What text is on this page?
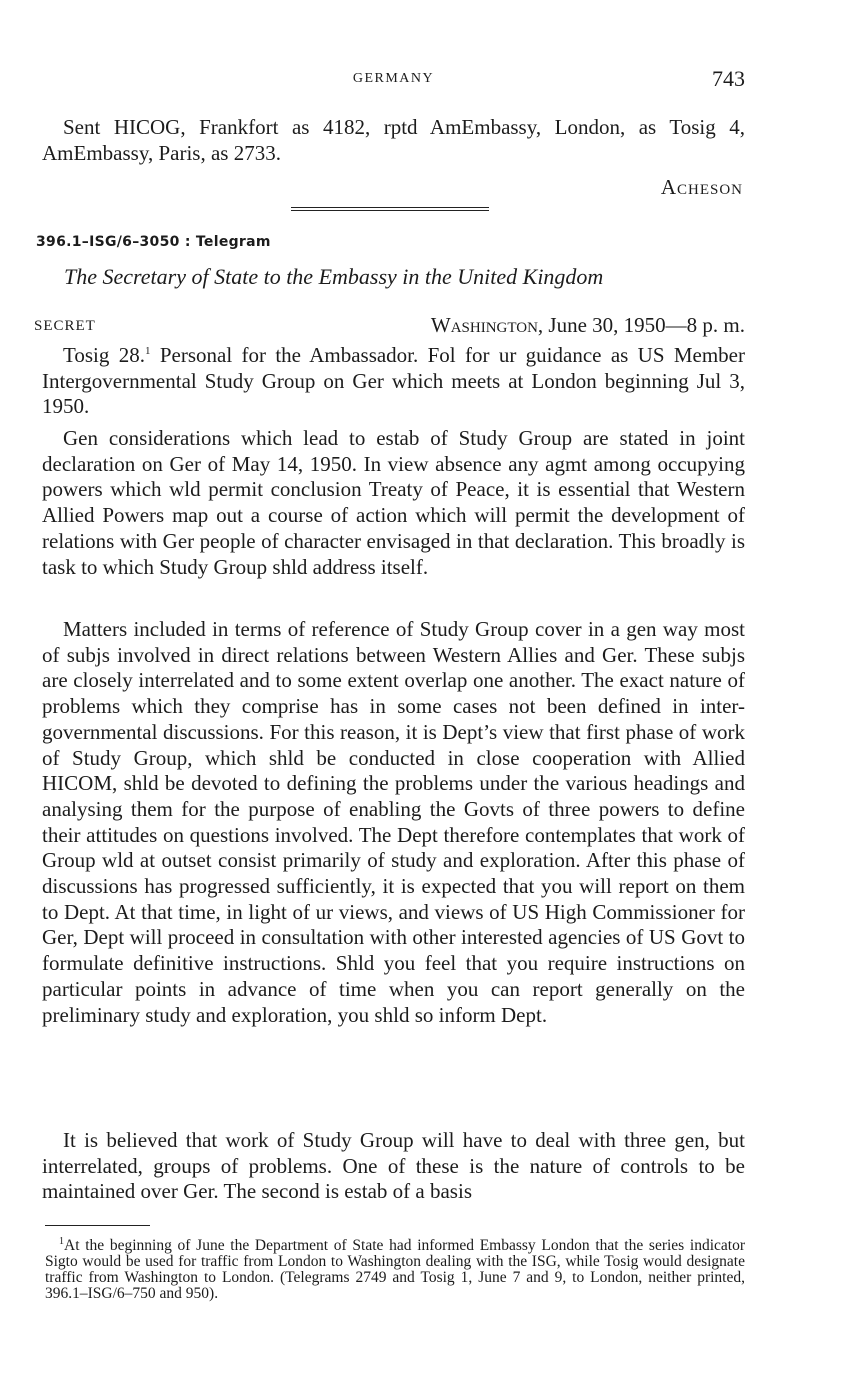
GERMANY	743

Sent HICOG, Frankfort as 4182, rptd AmEmbassy, London, as Tosig 4, AmEmbassy, Paris, as 2733.

Acheson
396.1–ISG/6–3050 : Telegram
The Secretary of State to the Embassy in the United Kingdom
SECRET	Washington, June 30, 1950—8 p. m.

Tosig 28.$^1$ Personal for the Ambassador. Fol for ur guidance as US Member Intergovernmental Study Group on Ger which meets at London beginning Jul 3, 1950.

Gen considerations which lead to estab of Study Group are stated in joint declaration on Ger of May 14, 1950. In view absence any agmt among occupying powers which wld permit conclusion Treaty of Peace, it is essential that Western Allied Powers map out a course of action which will permit the development of relations with Ger people of character envisaged in that declaration. This broadly is task to which Study Group shld address itself.

Matters included in terms of reference of Study Group cover in a gen way most of subjs involved in direct relations between Western Allies and Ger. These subjs are closely interrelated and to some extent overlap one another. The exact nature of problems which they comprise has in some cases not been defined in inter-governmental discussions. For this reason, it is Dept’s view that first phase of work of Study Group, which shld be conducted in close cooperation with Allied HICOM, shld be devoted to defining the problems under the various headings and analysing them for the purpose of enabling the Govts of three powers to define their attitudes on questions involved. The Dept therefore contemplates that work of Group wld at outset consist primarily of study and exploration. After this phase of discussions has progressed sufficiently, it is expected that you will report on them to Dept. At that time, in light of ur views, and views of US High Commissioner for Ger, Dept will proceed in consultation with other interested agencies of US Govt to formulate definitive instructions. Shld you feel that you require instructions on particular points in advance of time when you can report generally on the preliminary study and exploration, you shld so inform Dept.

It is believed that work of Study Group will have to deal with three gen, but interrelated, groups of problems. One of these is the nature of controls to be maintained over Ger. The second is estab of a basis

$^1$At the beginning of June the Department of State had informed Embassy London that the series indicator Sigto would be used for traffic from London to Washington dealing with the ISG, while Tosig would designate traffic from Washington to London. (Telegrams 2749 and Tosig 1, June 7 and 9, to London, neither printed, 396.1–ISG/6–750 and 950).
